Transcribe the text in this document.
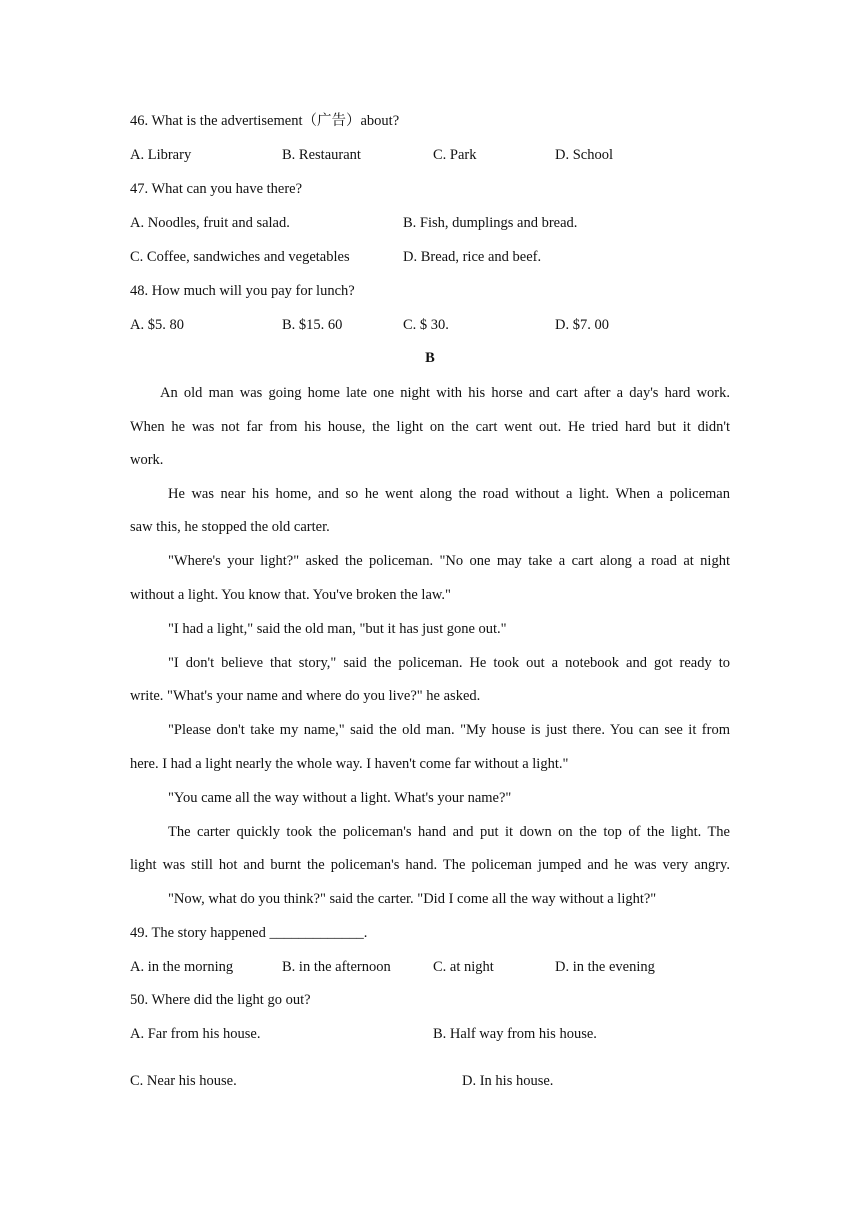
46. What is the advertisement（广告）about?
A. Library	B. Restaurant	C. Park	D. School
47. What can you have there?
A. Noodles, fruit and salad.	B. Fish, dumplings and bread.
C. Coffee, sandwiches and vegetables	D. Bread, rice and beef.
48. How much will you pay for lunch?
A. $5. 80	B. $15. 60	C. $ 30.	D. $7. 00
B
An old man was going home late one night with his horse and cart after a day's hard work.
When he was not far from his house, the light on the cart went out. He tried hard but it didn't
work.
He was near his home, and so he went along the road without a light. When a policeman
saw this, he stopped the old carter.
"Where's your light?" asked the policeman. "No one may take a cart along a road at night
without a light. You know that. You've broken the law."
"I had a light," said the old man, "but it has just gone out."
"I don't believe that story," said the policeman. He took out a notebook and got ready to
write. "What's your name and where do you live?" he asked.
"Please don't take my name," said the old man. "My house is just there. You can see it from
here. I had a light nearly the whole way. I haven't come far without a light."
"You came all the way without a light. What's your name?"
The carter quickly took the policeman's hand and put it down on the top of the light. The
light was still hot and burnt the policeman's hand. The policeman jumped and he was very angry.
"Now, what do you think?" said the carter. "Did I come all the way without a light?"
49. The story happened _____________.
A. in the morning	B. in the afternoon	C. at night	D. in the evening
50. Where did the light go out?
A. Far from his house.	B. Half way from his house.
C. Near his house.	D. In his house.
